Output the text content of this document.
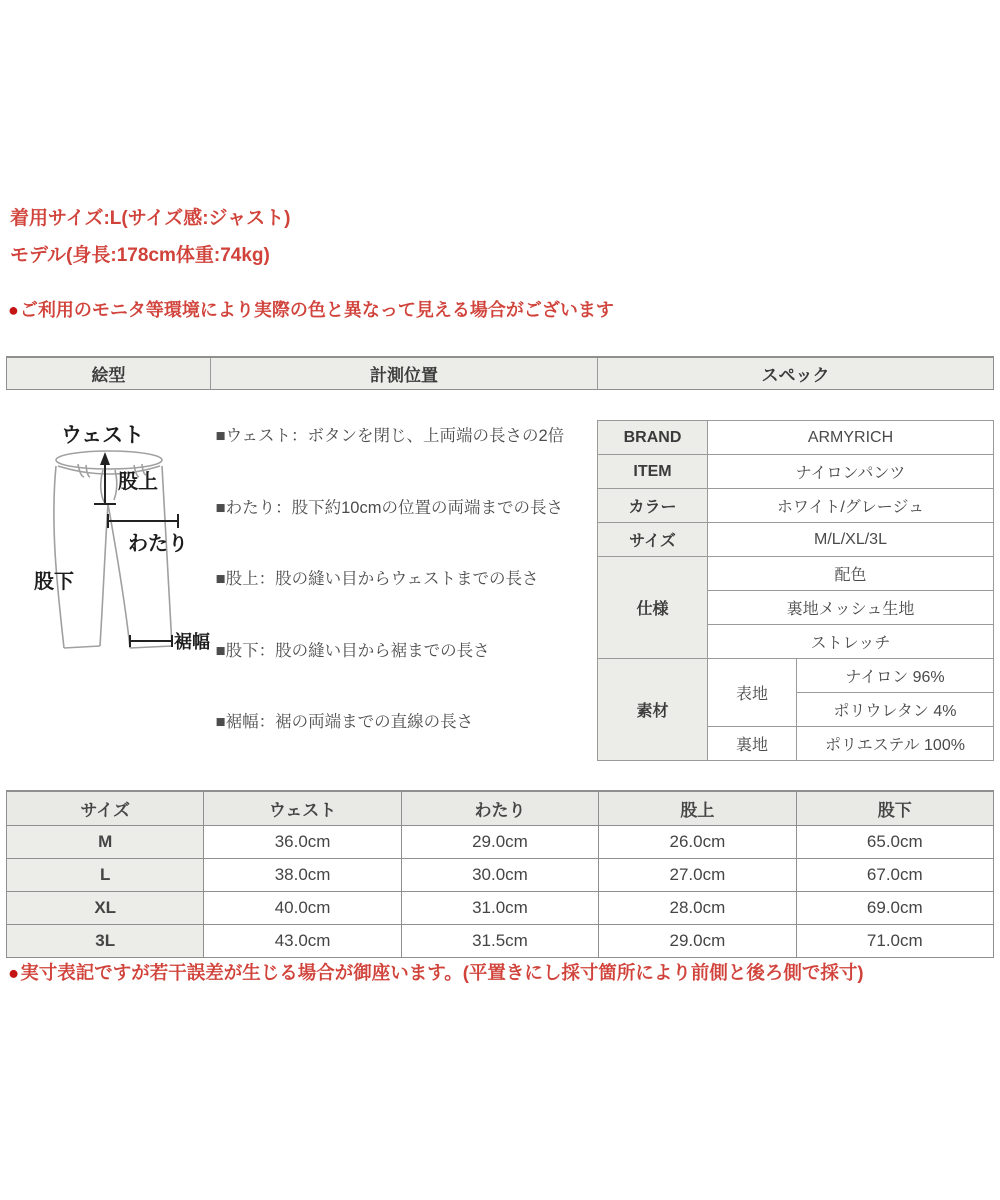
着用サイズ:L(サイズ感:ジャスト)
モデル(身長:178cm体重:74kg)
●ご利用のモニタ等環境により実際の色と異なって見える場合がございます
絵型	計測位置	スペック
ウェスト
股上
わたり
股下
裾幅
■ウェスト：ボタンを閉じ、上両端の長さの2倍
■わたり：股下約10cmの位置の両端までの長さ
■股上：股の縫い目からウェストまでの長さ
■股下：股の縫い目から裾までの長さ
■裾幅：裾の両端までの直線の長さ
BRAND	ARMYRICH	
ITEM	ナイロンパンツ	
カラー	ホワイト/グレージュ	
サイズ	M/L/XL/3L	
仕様	配色	
	裏地メッシュ生地	
	ストレッチ	
素材	表地	ナイロン 96%
		ポリウレタン 4%
	裏地	ポリエステル 100%
サイズ	ウェスト	わたり	股上	股下
M	36.0cm	29.0cm	26.0cm	65.0cm
L	38.0cm	30.0cm	27.0cm	67.0cm
XL	40.0cm	31.0cm	28.0cm	69.0cm
3L	43.0cm	31.5cm	29.0cm	71.0cm
●実寸表記ですが若干誤差が生じる場合が御座います。(平置きにし採寸箇所により前側と後ろ側で採寸)
